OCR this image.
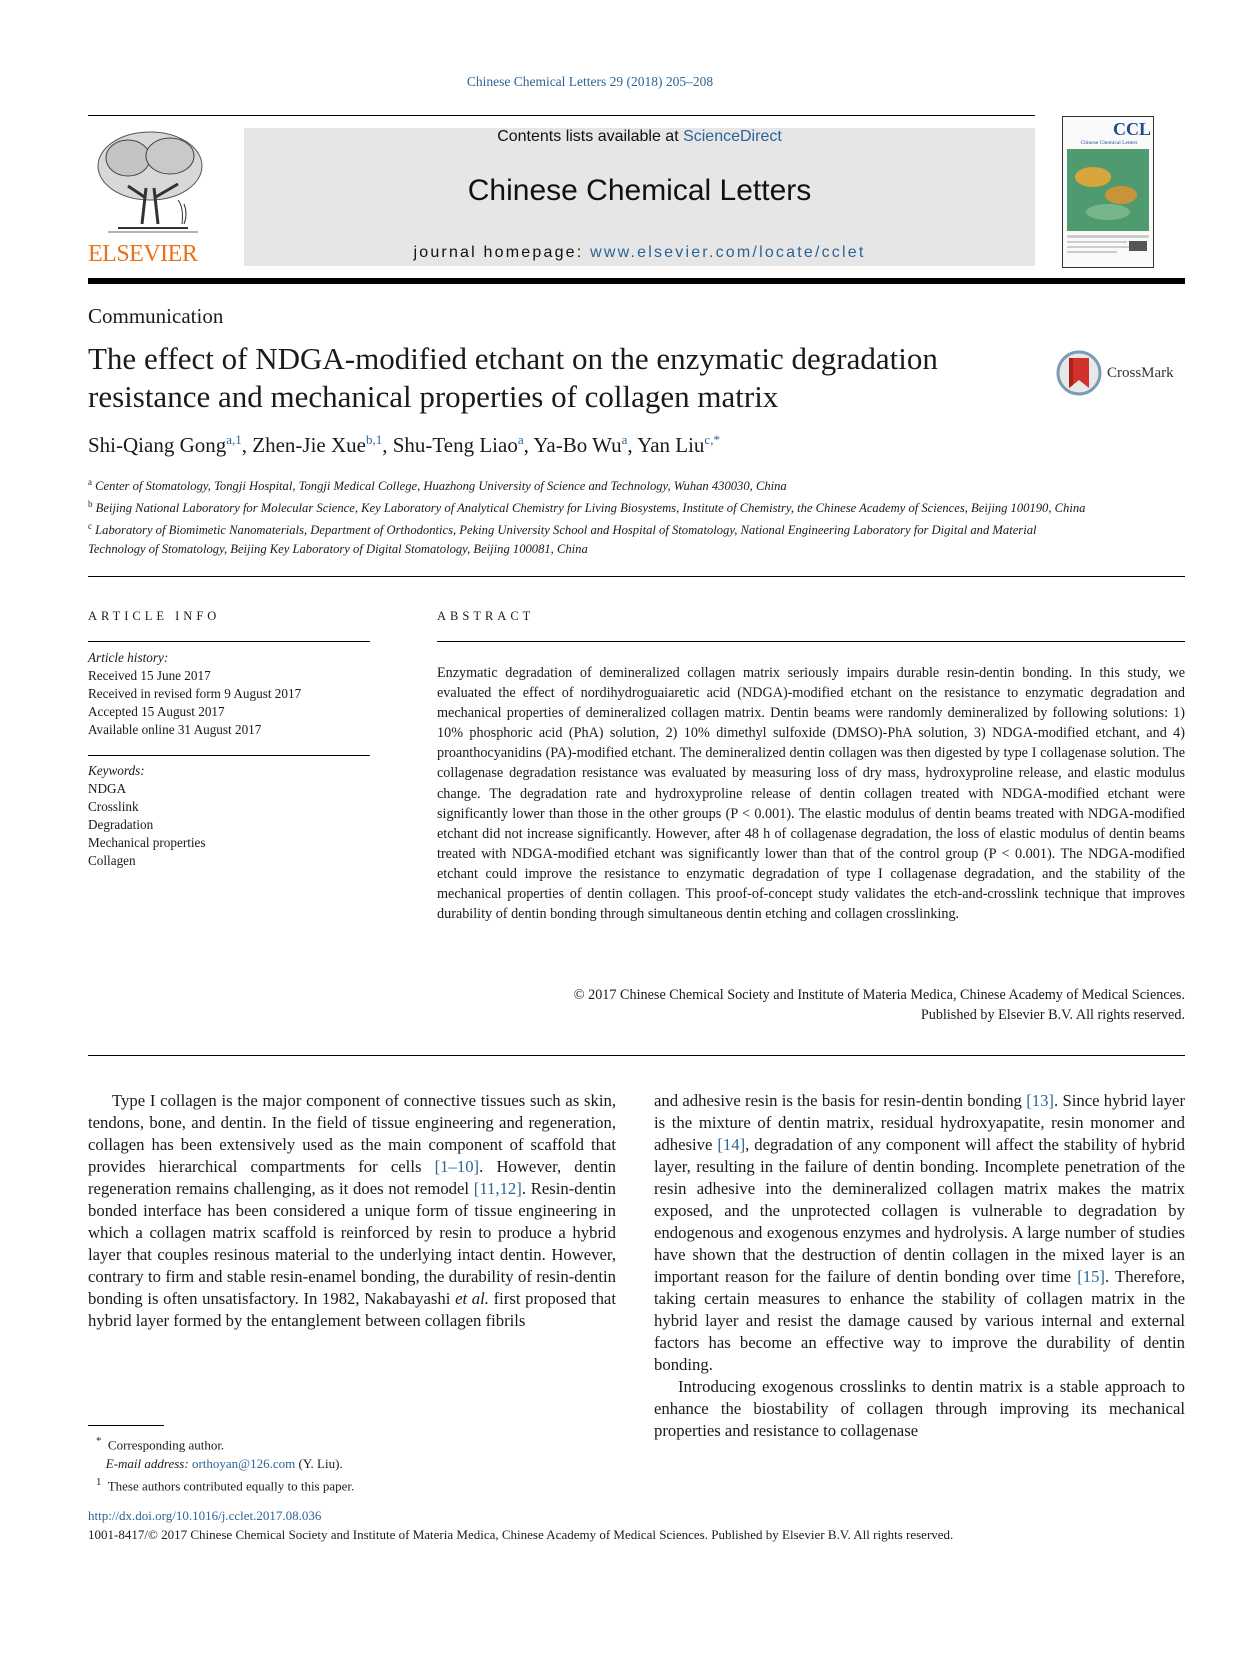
Chinese Chemical Letters 29 (2018) 205–208
ELSEVIER
Contents lists available at ScienceDirect
Chinese Chemical Letters
journal homepage: www.elsevier.com/locate/cclet
CCL
Chinese Chemical Letters
Communication
The effect of NDGA-modified etchant on the enzymatic degradation
resistance and mechanical properties of collagen matrix
CrossMark
Shi-Qiang Gong$^{a,1}$, Zhen-Jie Xue$^{b,1}$, Shu-Teng Liao$^a$, Ya-Bo Wu$^a$, Yan Liu$^{c,*}$
$^a$ Center of Stomatology, Tongji Hospital, Tongji Medical College, Huazhong University of Science and Technology, Wuhan 430030, China
$^b$ Beijing National Laboratory for Molecular Science, Key Laboratory of Analytical Chemistry for Living Biosystems, Institute of Chemistry, the Chinese Academy of Sciences, Beijing 100190, China
$^c$ Laboratory of Biomimetic Nanomaterials, Department of Orthodontics, Peking University School and Hospital of Stomatology, National Engineering Laboratory for Digital and Material Technology of Stomatology, Beijing Key Laboratory of Digital Stomatology, Beijing 100081, China
ARTICLE INFO	ABSTRACT
Article history:
Received 15 June 2017
Received in revised form 9 August 2017
Accepted 15 August 2017
Available online 31 August 2017
Keywords:
NDGA
Crosslink
Degradation
Mechanical properties
Collagen
Enzymatic degradation of demineralized collagen matrix seriously impairs durable resin-dentin bonding. In this study, we evaluated the effect of nordihydroguaiaretic acid (NDGA)-modified etchant on the resistance to enzymatic degradation and mechanical properties of demineralized collagen matrix. Dentin beams were randomly demineralized by following solutions: 1) 10% phosphoric acid (PhA) solution, 2) 10% dimethyl sulfoxide (DMSO)-PhA solution, 3) NDGA-modified etchant, and 4) proanthocyanidins (PA)-modified etchant. The demineralized dentin collagen was then digested by type I collagenase solution. The collagenase degradation resistance was evaluated by measuring loss of dry mass, hydroxyproline release, and elastic modulus change. The degradation rate and hydroxyproline release of dentin collagen treated with NDGA-modified etchant were significantly lower than those in the other groups (P < 0.001). The elastic modulus of dentin beams treated with NDGA-modified etchant did not increase significantly. However, after 48 h of collagenase degradation, the loss of elastic modulus of dentin beams treated with NDGA-modified etchant was significantly lower than that of the control group (P < 0.001). The NDGA-modified etchant could improve the resistance to enzymatic degradation of type I collagenase degradation, and the stability of the mechanical properties of dentin collagen. This proof-of-concept study validates the etch-and-crosslink technique that improves durability of dentin bonding through simultaneous dentin etching and collagen crosslinking.
© 2017 Chinese Chemical Society and Institute of Materia Medica, Chinese Academy of Medical Sciences.
Published by Elsevier B.V. All rights reserved.

Type I collagen is the major component of connective tissues such as skin, tendons, bone, and dentin. In the field of tissue engineering and regeneration, collagen has been extensively used as the main component of scaffold that provides hierarchical compartments for cells [1–10]. However, dentin regeneration remains challenging, as it does not remodel [11,12]. Resin-dentin bonded interface has been considered a unique form of tissue engineering in which a collagen matrix scaffold is reinforced by resin to produce a hybrid layer that couples resinous material to the underlying intact dentin. However, contrary to firm and stable resin-enamel bonding, the durability of resin-dentin bonding is often unsatisfactory. In 1982, Nakabayashi et al. first proposed that hybrid layer formed by the entanglement between collagen fibrils

and adhesive resin is the basis for resin-dentin bonding [13]. Since hybrid layer is the mixture of dentin matrix, residual hydroxyapatite, resin monomer and adhesive [14], degradation of any component will affect the stability of hybrid layer, resulting in the failure of dentin bonding. Incomplete penetration of the resin adhesive into the demineralized collagen matrix makes the matrix exposed, and the unprotected collagen is vulnerable to degradation by endogenous and exogenous enzymes and hydrolysis. A large number of studies have shown that the destruction of dentin collagen in the mixed layer is an important reason for the failure of dentin bonding over time [15]. Therefore, taking certain measures to enhance the stability of collagen matrix in the hybrid layer and resist the damage caused by various internal and external factors has become an effective way to improve the durability of dentin bonding.

Introducing exogenous crosslinks to dentin matrix is a stable approach to enhance the biostability of collagen through improving its mechanical properties and resistance to collagenase

* Corresponding author.
E-mail address: orthoyan@126.com (Y. Liu).
$^1$ These authors contributed equally to this paper.
http://dx.doi.org/10.1016/j.cclet.2017.08.036
1001-8417/© 2017 Chinese Chemical Society and Institute of Materia Medica, Chinese Academy of Medical Sciences. Published by Elsevier B.V. All rights reserved.
